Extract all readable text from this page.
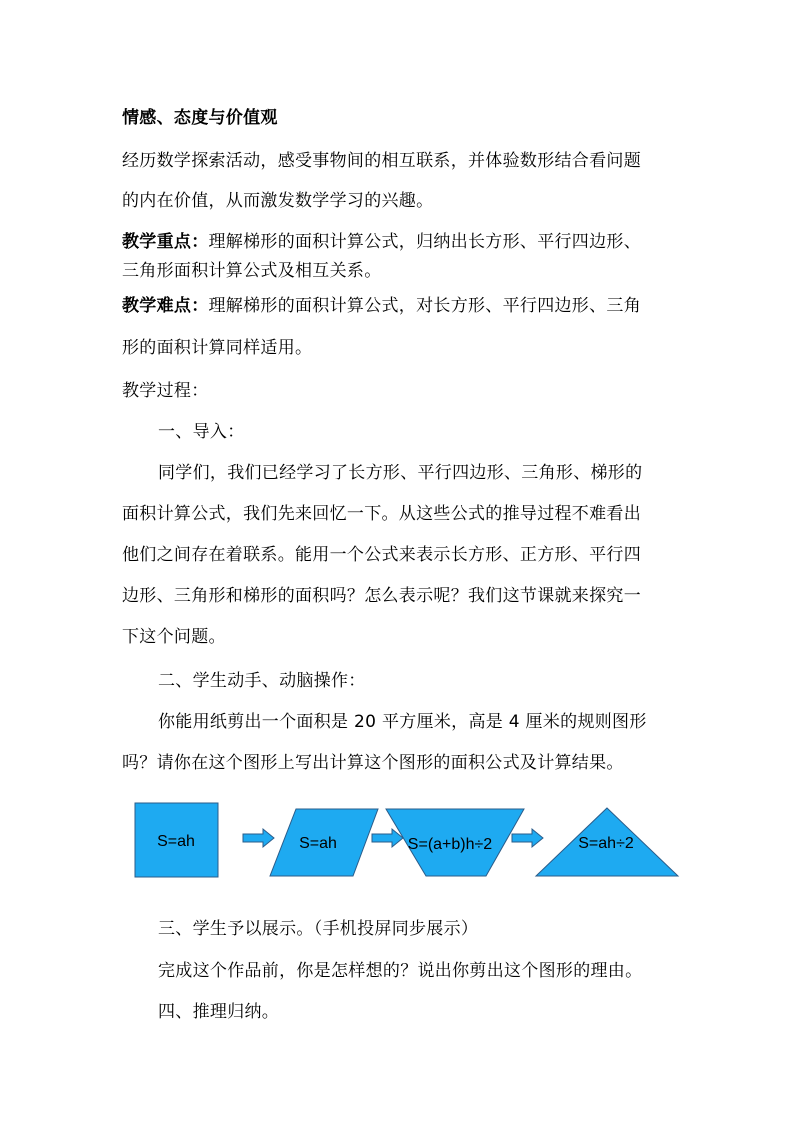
情感、态度与价值观

经历数学探索活动，感受事物间的相互联系，并体验数形结合看问题

的内在价值，从而激发数学学习的兴趣。

教学重点：理解梯形的面积计算公式，归纳出长方形、平行四边形、

三角形面积计算公式及相互关系。

教学难点：理解梯形的面积计算公式，对长方形、平行四边形、三角

形的面积计算同样适用。

教学过程：

一、导入：

同学们，我们已经学习了长方形、平行四边形、三角形、梯形的

面积计算公式，我们先来回忆一下。从这些公式的推导过程不难看出

他们之间存在着联系。能用一个公式来表示长方形、正方形、平行四

边形、三角形和梯形的面积吗？怎么表示呢？我们这节课就来探究一

下这个问题。

二、学生动手、动脑操作：

你能用纸剪出一个面积是 20 平方厘米，高是 4 厘米的规则图形

吗？请你在这个图形上写出计算这个图形的面积公式及计算结果。

S=ah	S=ah	S=(a+b)h÷2	S=ah÷2

三、学生予以展示。（手机投屏同步展示）

完成这个作品前，你是怎样想的？说出你剪出这个图形的理由。

四、推理归纳。
